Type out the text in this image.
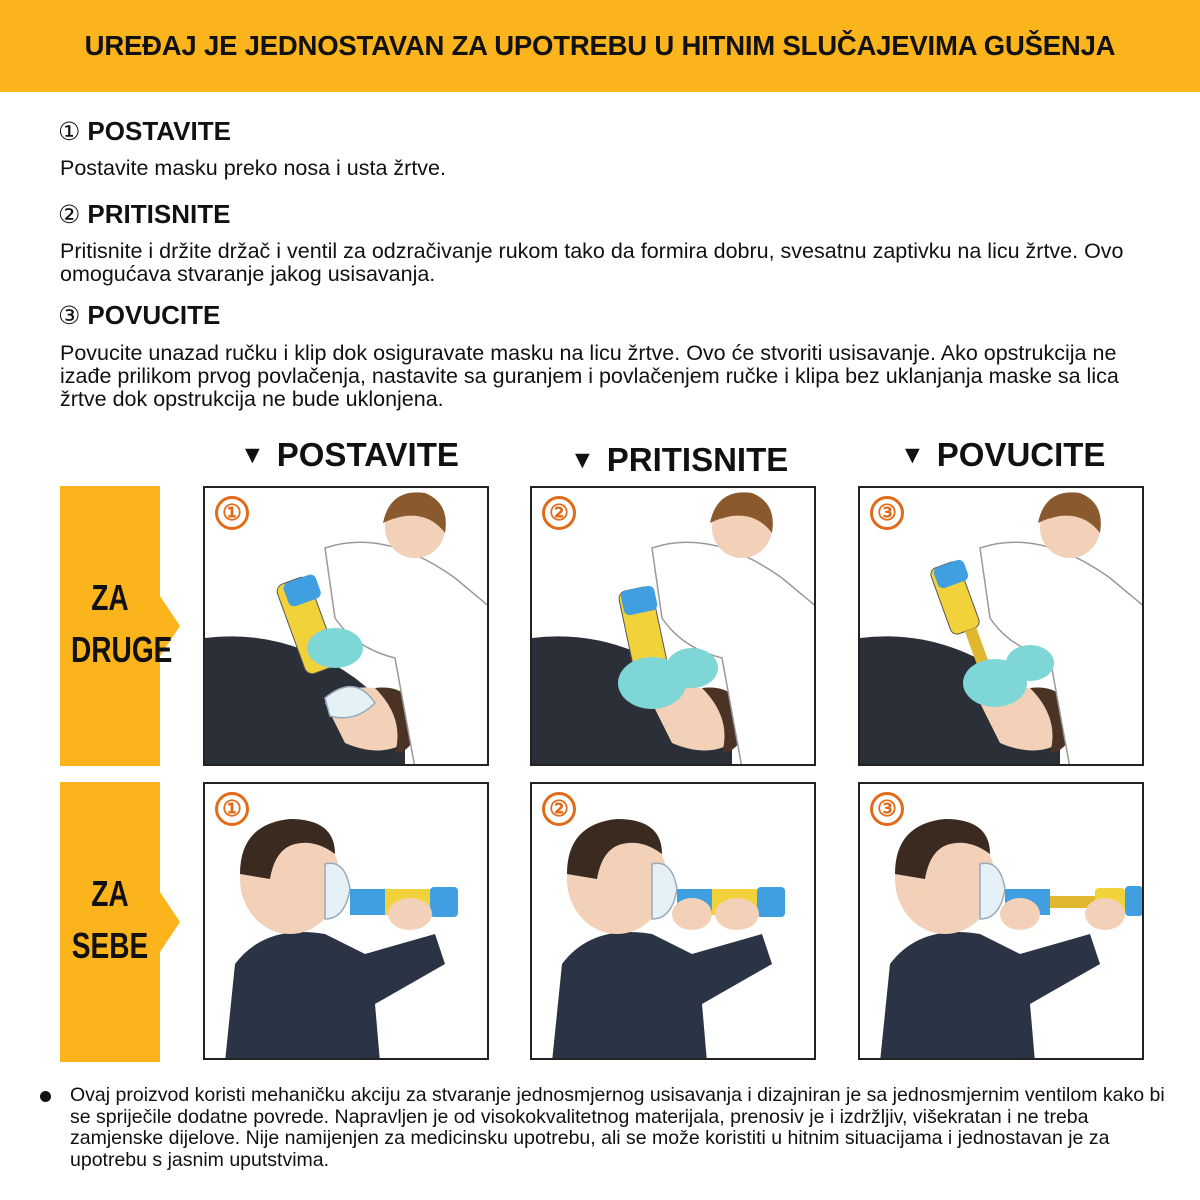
UREĐAJ JE JEDNOSTAVAN ZA UPOTREBU U HITNIM SLUČAJEVIMA GUŠENJA
① POSTAVITE
Postavite masku preko nosa i usta žrtve.
② PRITISNITE
Pritisnite i držite držač i ventil za odzračivanje rukom tako da formira dobru, svesatnu zaptivku na licu žrtve. Ovo omogućava stvaranje jakog usisavanja.
③ POVUCITE
Povucite unazad ručku i klip dok osiguravate masku na licu žrtve. Ovo će stvoriti usisavanje. Ako opstrukcija ne izađe prilikom prvog povlačenja, nastavite sa guranjem i povlačenjem ručke i klipa bez uklanjanja maske sa lica žrtve dok opstrukcija ne bude uklonjena.
▼ POSTAVITE	▼ PRITISNITE	▼ POVUCITE
ZA
DRUGE
ZA
SEBE
①	②	③
①	②	③

Ovaj proizvod koristi mehaničku akciju za stvaranje jednosmjernog usisavanja i dizajniran je sa jednosmjernim ventilom kako bi se spriječile dodatne povrede. Napravljen je od visokokvalitetnog materijala, prenosiv je i izdržljiv, višekratan i ne treba zamjenske dijelove. Nije namijenjen za medicinsku upotrebu, ali se može koristiti u hitnim situacijama i jednostavan je za upotrebu s jasnim uputstvima.
